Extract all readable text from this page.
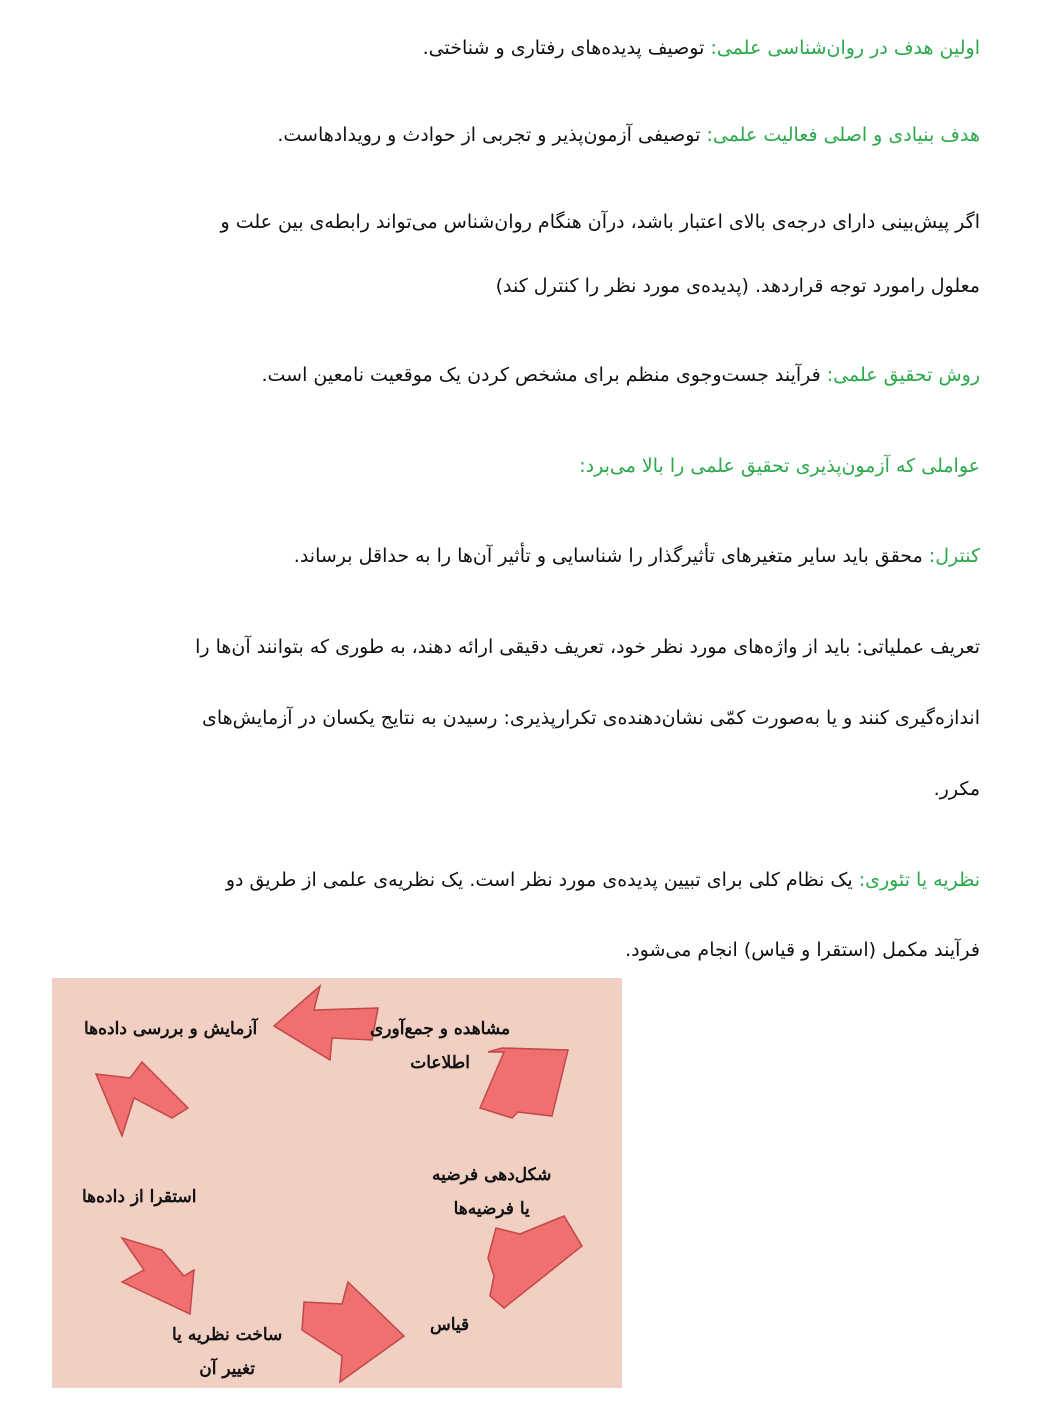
اولین هدف در روان‌شناسی علمی: توصیف پدیده‌های رفتاری و شناختی.
هدف بنیادی و اصلی فعالیت علمی: توصیفی آزمون‌پذیر و تجربی از حوادث و رویدادهاست.
اگر پیش‌بینی دارای درجه‌ی بالای اعتبار باشد، درآن هنگام روان‌شناس می‌تواند رابطه‌ی بین علت و
معلول رامورد توجه قراردهد. (پدیده‌ی مورد نظر را کنترل کند)
روش تحقیق علمی: فرآیند جست‌وجوی منظم برای مشخص کردن یک موقعیت نامعین است.
عواملی که آزمون‌پذیری تحقیق علمی را بالا می‌برد:
کنترل: محقق باید سایر متغیرهای تأثیرگذار را شناسایی و تأثیر آن‌ها را به حداقل برساند.
تعریف عملیاتی: باید از واژه‌های مورد نظر خود، تعریف دقیقی ارائه دهند، به طوری که بتوانند آن‌ها را
اندازه‌گیری کنند و یا به‌صورت کمّی نشان‌دهنده‌ی تکرارپذیری: رسیدن به نتایج یکسان در آزمایش‌های
مکرر.
نظریه یا تئوری: یک نظام کلی برای تبیین پدیده‌ی مورد نظر است. یک نظریه‌ی علمی از طریق دو
فرآیند مکمل (استقرا و قیاس) انجام می‌شود.
مشاهده و جمع‌آوری
اطلاعات
آزمایش و بررسی داده‌ها
استقرا از داده‌ها
ساخت نظریه یا
تغییر آن
قیاس
شکل‌دهی فرضیه
یا فرضیه‌ها
